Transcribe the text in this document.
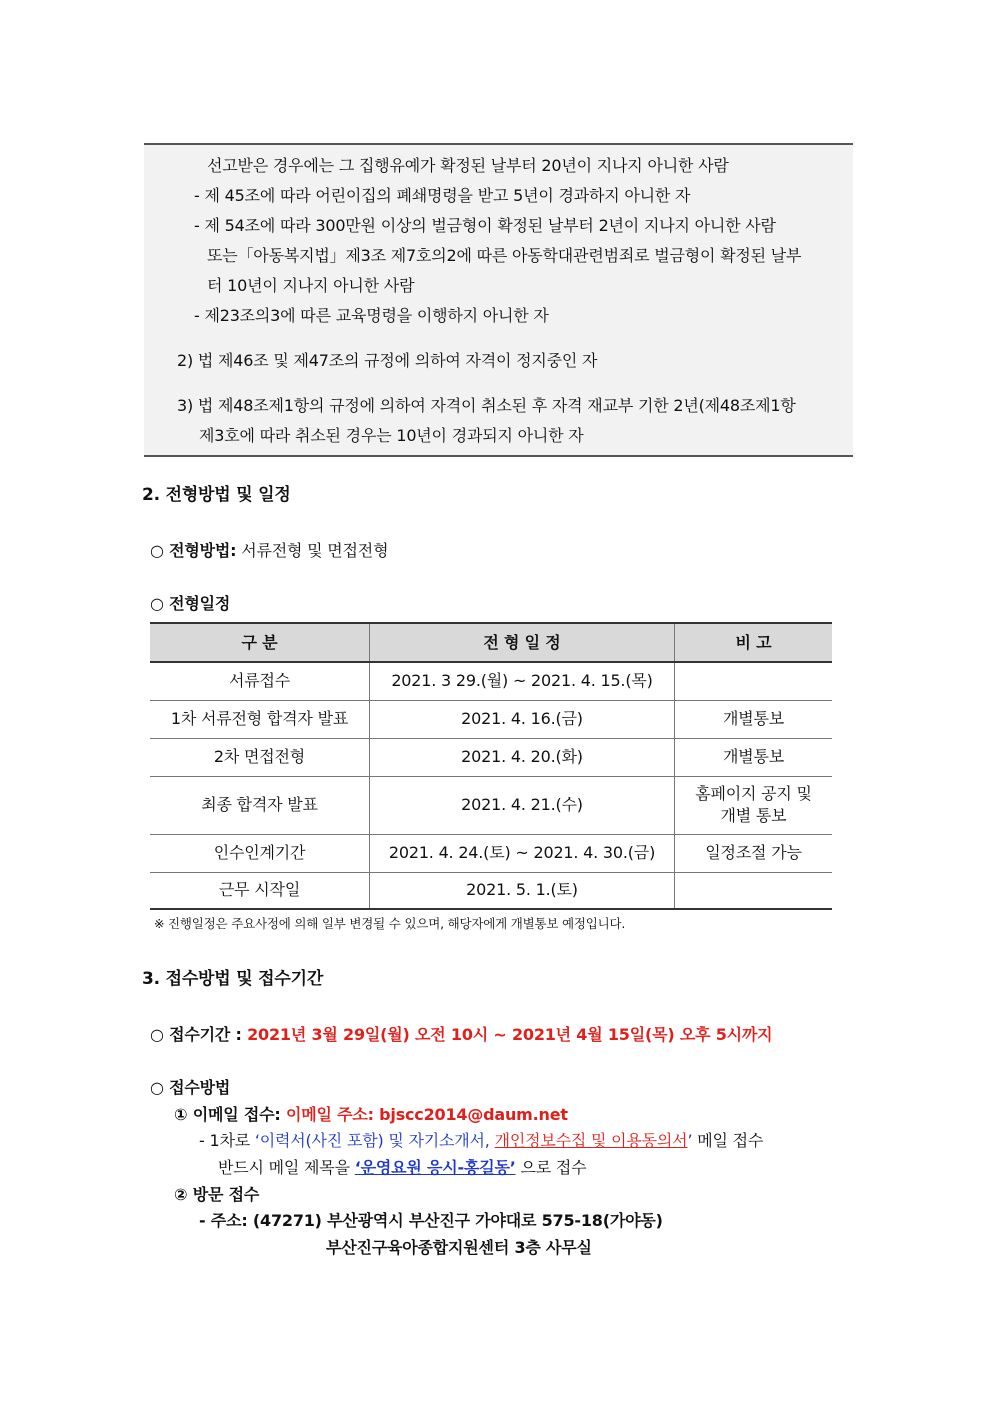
선고받은 경우에는 그 집행유예가 확정된 날부터 20년이 지나지 아니한 사람
- 제 45조에 따라 어린이집의 폐쇄명령을 받고 5년이 경과하지 아니한 자
- 제 54조에 따라 300만원 이상의 벌금형이 확정된 날부터 2년이 지나지 아니한 사람
또는「아동복지법」제3조 제7호의2에 따른 아동학대관련범죄로 벌금형이 확정된 날부
터 10년이 지나지 아니한 사람
- 제23조의3에 따른 교육명령을 이행하지 아니한 자
2) 법 제46조 및 제47조의 규정에 의하여 자격이 정지중인 자
3) 법 제48조제1항의 규정에 의하여 자격이 취소된 후 자격 재교부 기한 2년(제48조제1항
제3호에 따라 취소된 경우는 10년이 경과되지 아니한 자
2. 전형방법 및 일정
○ 전형방법: 서류전형 및 면접전형
○ 전형일정
구 분	전 형 일 정	비 고
서류접수	2021. 3 29.(월) ~ 2021. 4. 15.(목)	
1차 서류전형 합격자 발표	2021. 4. 16.(금)	개별통보
2차 면접전형	2021. 4. 20.(화)	개별통보
최종 합격자 발표	2021. 4. 21.(수)	홈페이지 공지 및
개별 통보

인수인계기간	2021. 4. 24.(토) ~ 2021. 4. 30.(금)	일정조절 가능
근무 시작일	2021. 5. 1.(토)	
※ 진행일정은 주요사정에 의해 일부 변경될 수 있으며, 해당자에게 개별통보 예정입니다.
3. 접수방법 및 접수기간
○ 접수기간 : 2021년 3월 29일(월) 오전 10시 ~ 2021년 4월 15일(목) 오후 5시까지
○ 접수방법
① 이메일 접수: 이메일 주소: bjscc2014@daum.net
- 1차로 ‘이력서(사진 포함) 및 자기소개서, 개인정보수집 및 이용동의서’ 메일 접수
반드시 메일 제목을 ‘운영요원 응시-홍길동’ 으로 접수
② 방문 접수
- 주소: (47271) 부산광역시 부산진구 가야대로 575-18(가야동)
부산진구육아종합지원센터 3층 사무실
